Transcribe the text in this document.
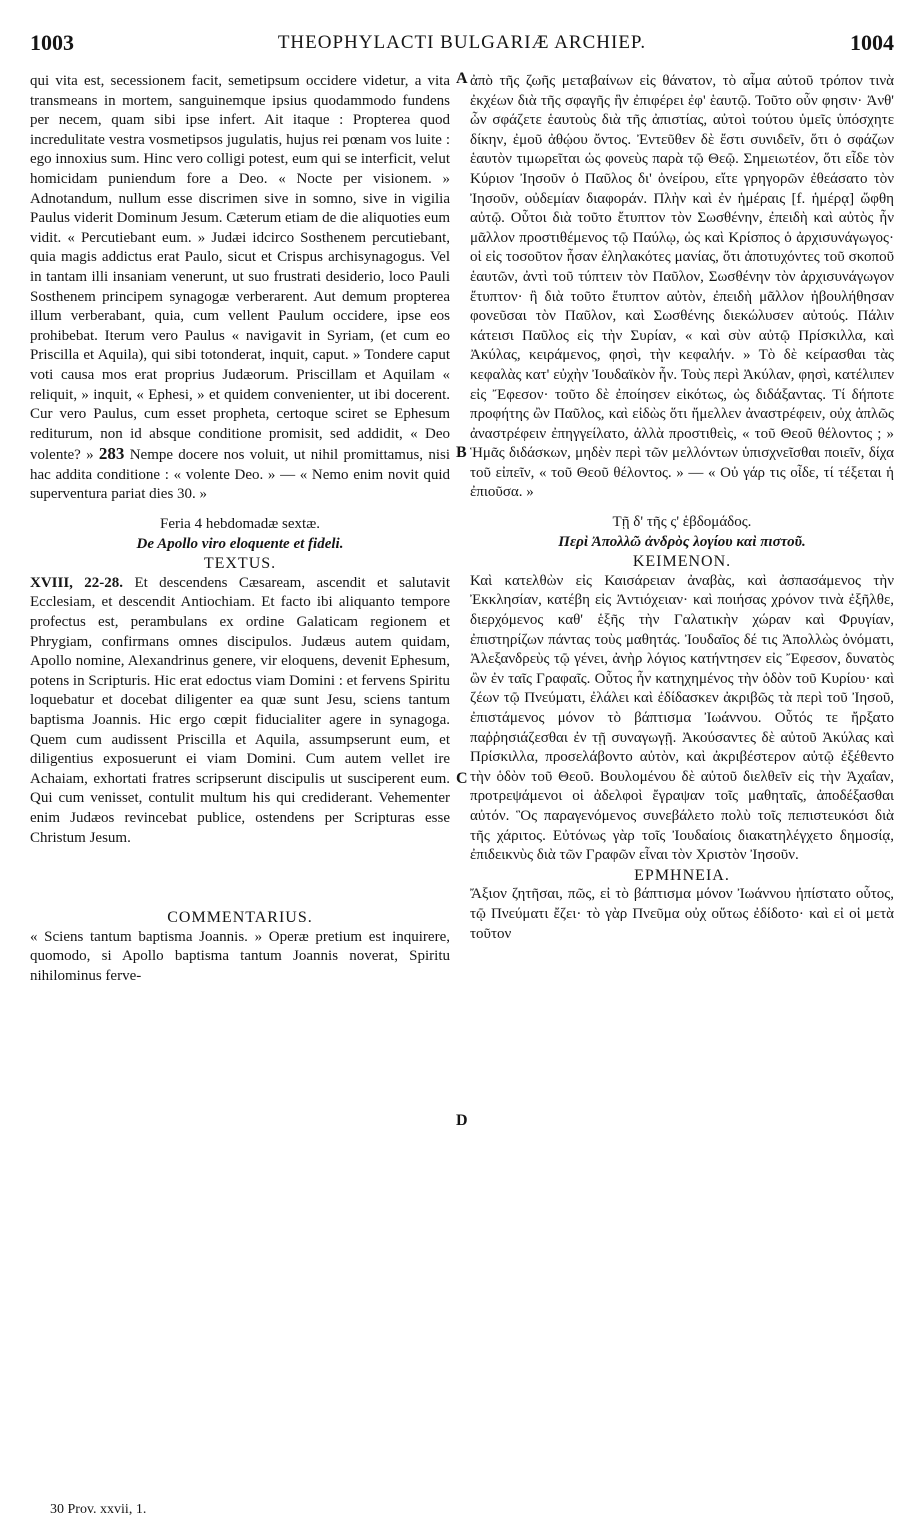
1003	THEOPHYLACTI BULGARIÆ ARCHIEP.	1004
A
B
C
D

qui vita est, secessionem facit, semetipsum occidere videtur, a vita transmeans in mortem, sanguinemque ipsius quodammodo fundens per necem, quam sibi ipse infert. Ait itaque : Propterea quod incredulitate vestra vosmetipsos jugulatis, hujus rei pœnam vos luite : ego innoxius sum. Hinc vero colligi potest, eum qui se interficit, velut homicidam puniendum fore a Deo. « Nocte per visionem. » Adnotandum, nullum esse discrimen sive in somno, sive in vigilia Paulus viderit Dominum Jesum. Cæterum etiam de die aliquoties eum vidit. « Percutiebant eum. » Judæi idcirco Sosthenem percutiebant, quia magis addictus erat Paulo, sicut et Crispus archisynagogus. Vel in tantam illi insaniam venerunt, ut suo frustrati desiderio, loco Pauli Sosthenem principem synagogæ verberarent. Aut demum propterea illum verberabant, quia, cum vellent Paulum occidere, ipse eos prohibebat. Iterum vero Paulus « navigavit in Syriam, (et cum eo Priscilla et Aquila), qui sibi totonderat, inquit, caput. » Tondere caput voti causa mos erat proprius Judæorum. Priscillam et Aquilam « reliquit, » inquit, « Ephesi, » et quidem convenienter, ut ibi docerent. Cur vero Paulus, cum esset propheta, certoque sciret se Ephesum rediturum, non id absque conditione promisit, sed addidit, « Deo volente? » 283 Nempe docere nos voluit, ut nihil promittamus, nisi hac addita conditione : « volente Deo. » — « Nemo enim novit quid superventura pariat dies 30. »

Feria 4 hebdomadæ sextæ.

De Apollo viro eloquente et fideli.

TEXTUS.

XVIII, 22-28. Et descendens Cæsaream, ascendit et salutavit Ecclesiam, et descendit Antiochiam. Et facto ibi aliquanto tempore profectus est, perambulans ex ordine Galaticam regionem et Phrygiam, confirmans omnes discipulos. Judæus autem quidam, Apollo nomine, Alexandrinus genere, vir eloquens, devenit Ephesum, potens in Scripturis. Hic erat edoctus viam Domini : et fervens Spiritu loquebatur et docebat diligenter ea quæ sunt Jesu, sciens tantum baptisma Joannis. Hic ergo cœpit fiducialiter agere in synagoga. Quem cum audissent Priscilla et Aquila, assumpserunt eum, et diligentius exposuerunt ei viam Domini. Cum autem vellet ire Achaiam, exhortati fratres scripserunt discipulis ut susciperent eum. Qui cum venisset, contulit multum his qui crediderant. Vehementer enim Judæos revincebat publice, ostendens per Scripturas esse Christum Jesum.

COMMENTARIUS.

« Sciens tantum baptisma Joannis. » Operæ pretium est inquirere, quomodo, si Apollo baptisma tantum Joannis noverat, Spiritu nihilominus ferve-

ἀπὸ τῆς ζωῆς μεταβαίνων εἰς θάνατον, τὸ αἷμα αὐτοῦ τρόπον τινὰ ἐκχέων διὰ τῆς σφαγῆς ἣν ἐπιφέρει ἐφ' ἑαυτῷ. Τοῦτο οὖν φησιν· Ἀνθ' ὧν σφάζετε ἑαυτοὺς διὰ τῆς ἀπιστίας, αὐτοὶ τούτου ὑμεῖς ὑπόσχητε δίκην, ἐμοῦ ἀθῴου ὄντος. Ἐντεῦθεν δὲ ἔστι συνιδεῖν, ὅτι ὁ σφάζων ἑαυτὸν τιμωρεῖται ὡς φονεὺς παρὰ τῷ Θεῷ. Σημειωτέον, ὅτι εἶδε τὸν Κύριον Ἰησοῦν ὁ Παῦλος δι' ὀνείρου, εἴτε γρηγορῶν ἐθεάσατο τὸν Ἰησοῦν, οὐδεμίαν διαφοράν. Πλὴν καὶ ἐν ἡμέραις [f. ἡμέρᾳ] ὤφθη αὐτῷ. Οὗτοι διὰ τοῦτο ἔτυπτον τὸν Σωσθένην, ἐπειδὴ καὶ αὐτὸς ἦν μᾶλλον προστιθέμενος τῷ Παύλῳ, ὡς καὶ Κρίσπος ὁ ἀρχισυνάγωγος· οἱ εἰς τοσοῦτον ἦσαν ἐληλακότες μανίας, ὅτι ἀποτυχόντες τοῦ σκοποῦ ἑαυτῶν, ἀντὶ τοῦ τύπτειν τὸν Παῦλον, Σωσθένην τὸν ἀρχισυνάγωγον ἔτυπτον· ἢ διὰ τοῦτο ἔτυπτον αὐτὸν, ἐπειδὴ μᾶλλον ἠβουλήθησαν φονεῦσαι τὸν Παῦλον, καὶ Σωσθένης διεκώλυσεν αὐτούς. Πάλιν κάτεισι Παῦλος εἰς τὴν Συρίαν, « καὶ σὺν αὐτῷ Πρίσκιλλα, καὶ Ἀκύλας, κειράμενος, φησὶ, τὴν κεφαλήν. » Τὸ δὲ κείρασθαι τὰς κεφαλὰς κατ' εὐχὴν Ἰουδαϊκὸν ἦν. Τοὺς περὶ Ἀκύλαν, φησὶ, κατέλιπεν εἰς Ἔφεσον· τοῦτο δὲ ἐποίησεν εἰκότως, ὡς διδάξαντας. Τί δήποτε προφήτης ὢν Παῦλος, καὶ εἰδὼς ὅτι ἤμελλεν ἀναστρέφειν, οὐχ ἁπλῶς ἀναστρέφειν ἐπηγγείλατο, ἀλλὰ προστιθεὶς, « τοῦ Θεοῦ θέλοντος ; » Ἡμᾶς διδάσκων, μηδὲν περὶ τῶν μελλόντων ὑπισχνεῖσθαι ποιεῖν, δίχα τοῦ εἰπεῖν, « τοῦ Θεοῦ θέλοντος. » — « Οὐ γάρ τις οἶδε, τί τέξεται ἡ ἐπιοῦσα. »

Τῇ δ' τῆς ς' ἑβδομάδος.

Περὶ Ἀπολλῶ ἀνδρὸς λογίου καὶ πιστοῦ.

ΚΕΙΜΕΝΟΝ.

Καὶ κατελθὼν εἰς Καισάρειαν ἀναβὰς, καὶ ἀσπασάμενος τὴν Ἐκκλησίαν, κατέβη εἰς Ἀντιόχειαν· καὶ ποιήσας χρόνον τινὰ ἐξῆλθε, διερχόμενος καθ' ἑξῆς τὴν Γαλατικὴν χώραν καὶ Φρυγίαν, ἐπιστηρίζων πάντας τοὺς μαθητάς. Ἰουδαῖος δέ τις Ἀπολλὼς ὀνόματι, Ἀλεξανδρεὺς τῷ γένει, ἀνὴρ λόγιος κατήντησεν εἰς Ἔφεσον, δυνατὸς ὢν ἐν ταῖς Γραφαῖς. Οὗτος ἦν κατηχημένος τὴν ὁδὸν τοῦ Κυρίου· καὶ ζέων τῷ Πνεύματι, ἐλάλει καὶ ἐδίδασκεν ἀκριβῶς τὰ περὶ τοῦ Ἰησοῦ, ἐπιστάμενος μόνον τὸ βάπτισμα Ἰωάννου. Οὗτός τε ἤρξατο παῤῥησιάζεσθαι ἐν τῇ συναγωγῇ. Ἀκούσαντες δὲ αὐτοῦ Ἀκύλας καὶ Πρίσκιλλα, προσελάβοντο αὐτὸν, καὶ ἀκριβέστερον αὐτῷ ἐξέθεντο τὴν ὁδὸν τοῦ Θεοῦ. Βουλομένου δὲ αὐτοῦ διελθεῖν εἰς τὴν Ἀχαΐαν, προτρεψάμενοι οἱ ἀδελφοὶ ἔγραψαν τοῖς μαθηταῖς, ἀποδέξασθαι αὐτόν. Ὃς παραγενόμενος συνεβάλετο πολὺ τοῖς πεπιστευκόσι διὰ τῆς χάριτος. Εὐτόνως γὰρ τοῖς Ἰουδαίοις διακατηλέγχετο δημοσίᾳ, ἐπιδεικνὺς διὰ τῶν Γραφῶν εἶναι τὸν Χριστὸν Ἰησοῦν.

ΕΡΜΗΝΕΙΑ.

Ἄξιον ζητῆσαι, πῶς, εἰ τὸ βάπτισμα μόνον Ἰωάννου ἠπίστατο οὗτος, τῷ Πνεύματι ἔζει· τὸ γὰρ Πνεῦμα οὐχ οὕτως ἐδίδοτο· καὶ εἰ οἱ μετὰ τοῦτον

30 Prov. xxvii, 1.
